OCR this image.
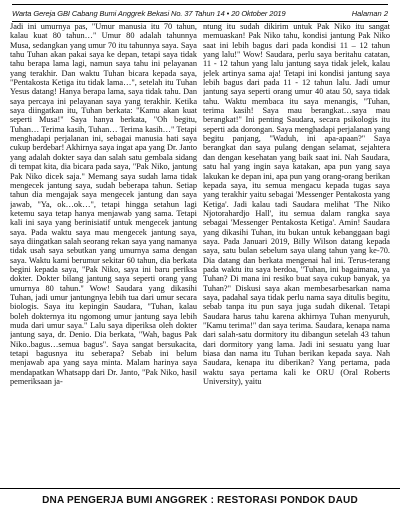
Warta Gereja GBI Cabang Bumi Anggrek Bekasi No. 37 Tahun 14 • 20 Oktober 2019	Halaman 2

Jadi ini umurnya pas, "Umur manusia itu 70 tahun, kalau kuat 80 tahun…" Umur 80 adalah tahunnya Musa, sedangkan yang umur 70 itu tahunnya saya. Saya tahu Tuhan akan pakai saya ke depan, tetapi saya tidak tahu berapa lama lagi, namun saya tahu ini pelayanan yang terakhir. Dan waktu Tuhan bicara kepada saya, "Pentakosta Ketiga itu tidak lama…", setelah itu Tuhan Yesus datang! Hanya berapa lama, saya tidak tahu. Dan saya percaya ini pelayanan saya yang terakhir. Ketika saya diingatkan itu, Tuhan berkata: "Kamu akan kuat seperti Musa!" Saya hanya berkata, "Oh begitu, Tuhan… Terima kasih, Tuhan… Terima kasih…" Tetapi menghadapi perjalanan ini, sebagai manusia hati saya cukup berdebar! Akhirnya saya ingat apa yang Dr. Janto yang adalah dokter saya dan salah satu gembala sidang di tempat kita, dia bicara pada saya, "Pak Niko, jantung Pak Niko dicek saja." Memang saya sudah lama tidak mengecek jantung saya, sudah beberapa tahun. Setiap tahun dia mengajak saya mengecek jantung dan saya jawab, "Ya, ok…ok…", tetapi hingga setahun lagi ketemu saya tetap hanya menjawab yang sama. Tetapi kali ini saya yang berinisiatif untuk mengecek jantung saya. Pada waktu saya mau mengecek jantung saya, saya diingatkan salah seorang rekan saya yang namanya tidak usah saya sebutkan yang umurnya sama dengan saya. Waktu kami berumur sekitar 60 tahun, dia berkata begini kepada saya, "Pak Niko, saya ini baru periksa dokter. Dokter bilang jantung saya seperti orang yang umurnya 80 tahun." Wow! Saudara yang dikasihi Tuhan, jadi umur jantungnya lebih tua dari umur secara biologis. Saya itu kepingin Saudara, "Tuhan, kalau boleh dokternya itu ngomong umur jantung saya lebih muda dari umur saya." Lalu saya diperiksa oleh dokter jantung saya, dr. Denio. Dia berkata, "Wah, bagus Pak Niko..bagus…semua bagus". Saya sangat bersukacita, tetapi bagusnya itu seberapa? Sebab ini belum menjawab apa yang saya minta. Malam harinya saya mendapatkan Whatsapp dari Dr. Janto, "Pak Niko, hasil pemeriksaan ja-

ntung itu sudah dikirim untuk Pak Niko itu sangat memuaskan! Pak Niko tahu, kondisi jantung Pak Niko saat ini lebih bagus dari pada kondisi 11 – 12 tahun yang lalu!" Wow! Saudara, perlu saya beritahu catatan, 11 - 12 tahun yang lalu jantung saya tidak jelek, kalau jelek artinya sama aja! Tetapi ini kondisi jantung saya lebih bagus dari pada 11 - 12 tahun lalu. Jadi umur jantung saya seperti orang umur 40 atau 50, saya tidak tahu. Waktu membaca itu saya menangis, "Tuhan, terima kasih! Saya mau berangkat…saya mau berangkat!" Ini penting Saudara, secara psikologis itu seperti ada dorongan. Saya menghadapi perjalanan yang begitu panjang, "Waduh, ini apa-apaan?" Saya berangkat dan saya pulang dengan selamat, sejahtera dan dengan kesehatan yang baik saat ini. Nah Saudara, satu hal yang ingin saya katakan, apa pun yang saya lakukan ke depan ini, apa pun yang orang-orang berikan kepada saya, itu semua mengacu kepada tugas saya yang terakhir yaitu sebagai 'Messenger Pentakosta yang Ketiga'. Jadi kalau tadi Saudara melihat 'The Niko Njotorahardjo Hall', itu semua dalam rangka saya sebagai 'Messenger Pentakosta Ketiga'. Amin! Saudara yang dikasihi Tuhan, itu bukan untuk kebanggaan bagi saya. Pada Januari 2019, Billy Wilson datang kepada saya, satu bulan sebelum saya ulang tahun yang ke-70. Dia datang dan berkata mengenai hal ini. Terus-terang pada waktu itu saya berdoa, "Tuhan, ini bagaimana, ya Tuhan? Di mana ini resiko buat saya cukup banyak, ya Tuhan?" Diskusi saya akan membesarbesarkan nama saya, padahal saya tidak perlu nama saya ditulis begitu, sebab tanpa itu pun saya juga sudah dikenal. Tetapi Saudara harus tahu karena akhirnya Tuhan menyuruh, "Kamu terima!" dan saya terima. Saudara, kenapa nama dari salah-satu dormitory itu dibangun setelah 43 tahun dari dormitory yang lama. Jadi ini sesuatu yang luar biasa dan nama itu Tuhan berikan kepada saya. Nah Saudara, kenapa itu diberikan? Yang pertama, pada waktu saya pertama kali ke ORU (Oral Roberts University), yaitu

DNA PENGERJA BUMI ANGGREK : RESTORASI PONDOK DAUD
